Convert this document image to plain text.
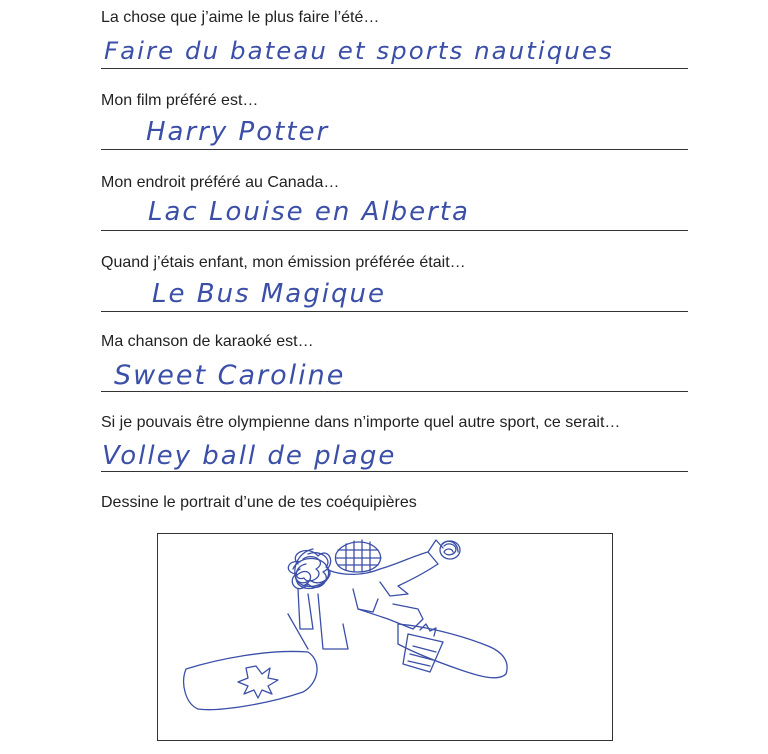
La chose que j’aime le plus faire l’été…
Faire du bateau et sports nautiques
Mon film préféré est…
Harry Potter
Mon endroit préféré au Canada…
Lac Louise en Alberta
Quand j’étais enfant, mon émission préférée était…
Le Bus Magique
Ma chanson de karaoké est…
Sweet Caroline
Si je pouvais être olympienne dans n’importe quel autre sport, ce serait…
Volley ball de plage
Dessine le portrait d’une de tes coéquipières
